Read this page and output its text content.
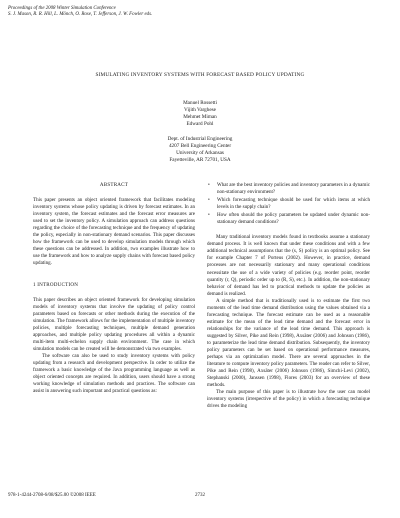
Proceedings of the 2008 Winter Simulation Conference
S. J. Mason, R. R. Hill, L. Mönch, O. Rose, T. Jefferson, J. W. Fowler eds.
SIMULATING INVENTORY SYSTEMS WITH FORECAST BASED POLICY UPDATING
Manuel Rossetti
Vijith Varghese
Mehmet Miman
Edward Pohl
Dept. of Industrial Engineering
4207 Bell Engineering Center
University of Arkansas
Fayetteville, AR 72701, USA
ABSTRACT

This paper presents an object oriented framework that facilitates modeling inventory systems whose policy updating is driven by forecast estimates. In an inventory system, the forecast estimates and the forecast error measures are used to set the inventory policy. A simulation approach can address questions regarding the choice of the forecasting technique and the frequency of updating the policy, especially in non-stationary demand scenarios. This paper discusses how the framework can be used to develop simulation models through which these questions can be addressed. In addition, two examples illustrate how to use the framework and how to analyze supply chains with forecast based policy updating.

1 INTRODUCTION

This paper describes an object oriented framework for developing simulation models of inventory systems that involve the updating of policy control parameters based on forecasts or other methods during the execution of the simulation. The framework allows for the implementation of multiple inventory policies, multiple forecasting techniques, multiple demand generation approaches, and multiple policy updating procedures all within a dynamic multi-item multi-echelon supply chain environment. The case in which simulation models can be created will be demonstrated via two examples.

The software can also be used to study inventory systems with policy updating from a research and development perspective. In order to utilize the framework a basic knowledge of the Java programming language as well as object oriented concepts are required. In addition, users should have a strong working knowledge of simulation methods and practices. The software can assist in answering such important and practical questions as:

• What are the best inventory policies and inventory parameters in a dynamic non-stationary environment?
• Which forecasting technique should be used for which items at which levels in the supply chain?
• How often should the policy parameters be updated under dynamic non-stationary demand conditions?

Many traditional inventory models found in textbooks assume a stationary demand process. It is well known that under these conditions and with a few additional technical assumptions that the (s, S) policy is an optimal policy. See for example Chapter 7 of Porteus (2002). However, in practice, demand processes are not necessarily stationary and many operational conditions necessitate the use of a wide variety of policies (e.g. reorder point, reorder quantity (r, Q), periodic order up to (R, S), etc.). In addition, the non-stationary behavior of demand has led to practical methods to update the policies as demand is realized.

A simple method that is traditionally used is to estimate the first two moments of the lead time demand distribution using the values obtained via a forecasting technique. The forecast estimate can be used as a reasonable estimate for the mean of the lead time demand and the forecast error in relationships for the variance of the lead time demand. This approach is suggested by Silver, Pike and Rein (1998), Axsäter (2006) and Johnson (1986), to parameterize the lead time demand distribution. Subsequently, the inventory policy parameters can be set based on operational performance measures, perhaps via an optimization model. There are several approaches in the literature to compute inventory policy parameters. The reader can refer to Silver, Pike and Rein (1998), Axsäter (2006) Johnson (1986), Simchi-Levi (2002), Stephanski (2000), Janssen (1998), Flores (2003) for an overview of these methods.

The main purpose of this paper is to illustrate how the user can model inventory systems (irrespective of the policy) in which a forecasting technique drives the modeling

978-1-4244-2708-6/08/$25.00 ©2008 IEEE	2732
